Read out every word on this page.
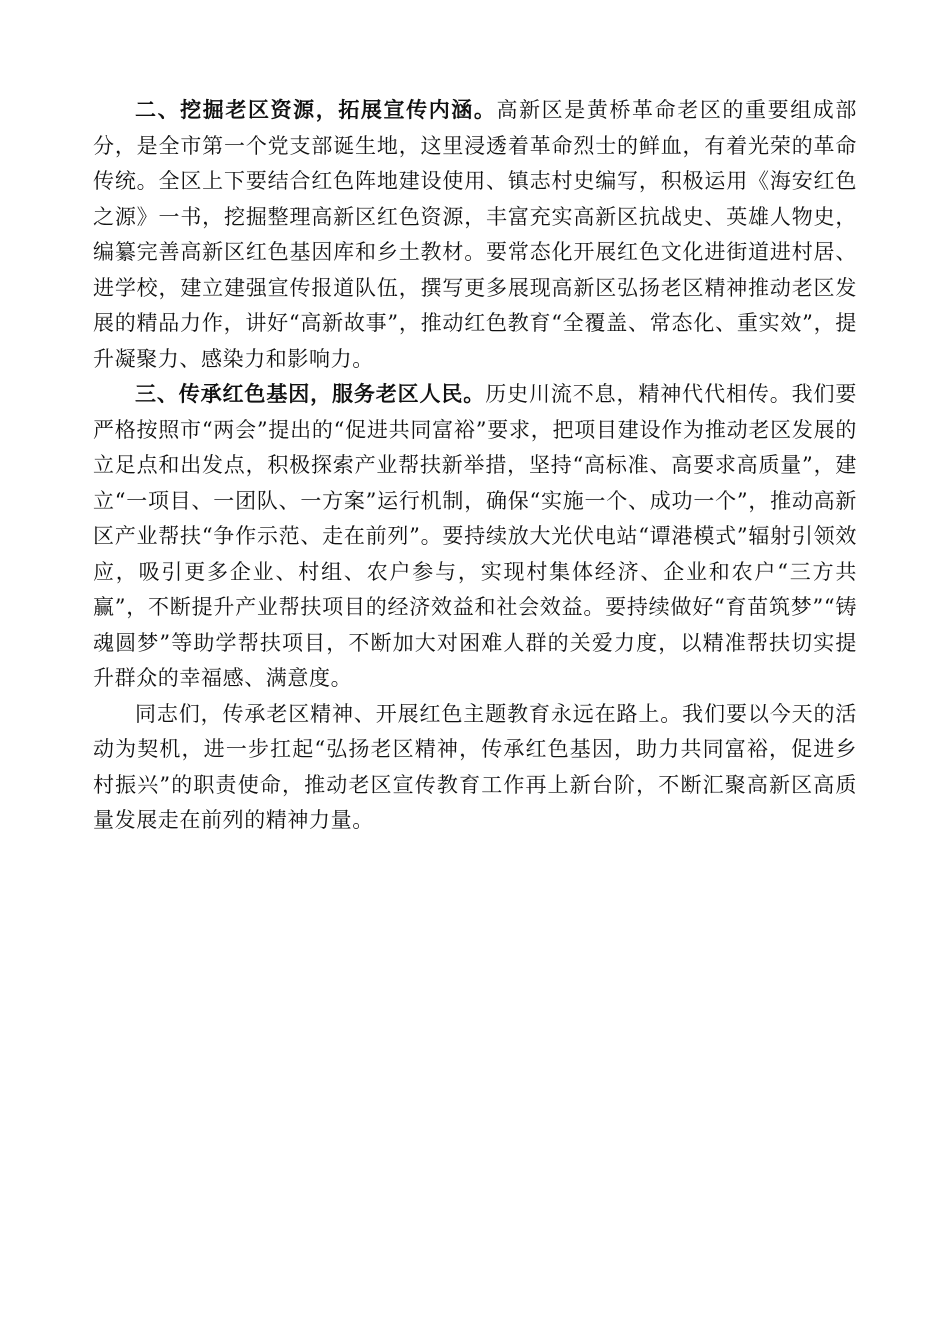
二、挖掘老区资源，拓展宣传内涵。高新区是黄桥革命老区的重要组成部分，是全市第一个党支部诞生地，这里浸透着革命烈士的鲜血，有着光荣的革命传统。全区上下要结合红色阵地建设使用、镇志村史编写，积极运用《海安红色之源》一书，挖掘整理高新区红色资源，丰富充实高新区抗战史、英雄人物史，编纂完善高新区红色基因库和乡土教材。要常态化开展红色文化进街道进村居、进学校，建立建强宣传报道队伍，撰写更多展现高新区弘扬老区精神推动老区发展的精品力作，讲好“高新故事”，推动红色教育“全覆盖、常态化、重实效”，提升凝聚力、感染力和影响力。

三、传承红色基因，服务老区人民。历史川流不息，精神代代相传。我们要严格按照市“两会”提出的“促进共同富裕”要求，把项目建设作为推动老区发展的立足点和出发点，积极探索产业帮扶新举措，坚持“高标准、高要求高质量”，建立“一项目、一团队、一方案”运行机制，确保“实施一个、成功一个”，推动高新区产业帮扶“争作示范、走在前列”。要持续放大光伏电站“谭港模式”辐射引领效应，吸引更多企业、村组、农户参与，实现村集体经济、企业和农户“三方共赢”，不断提升产业帮扶项目的经济效益和社会效益。要持续做好“育苗筑梦”“铸魂圆梦”等助学帮扶项目，不断加大对困难人群的关爱力度，以精准帮扶切实提升群众的幸福感、满意度。

同志们，传承老区精神、开展红色主题教育永远在路上。我们要以今天的活动为契机，进一步扛起“弘扬老区精神，传承红色基因，助力共同富裕，促进乡村振兴”的职责使命，推动老区宣传教育工作再上新台阶，不断汇聚高新区高质量发展走在前列的精神力量。
